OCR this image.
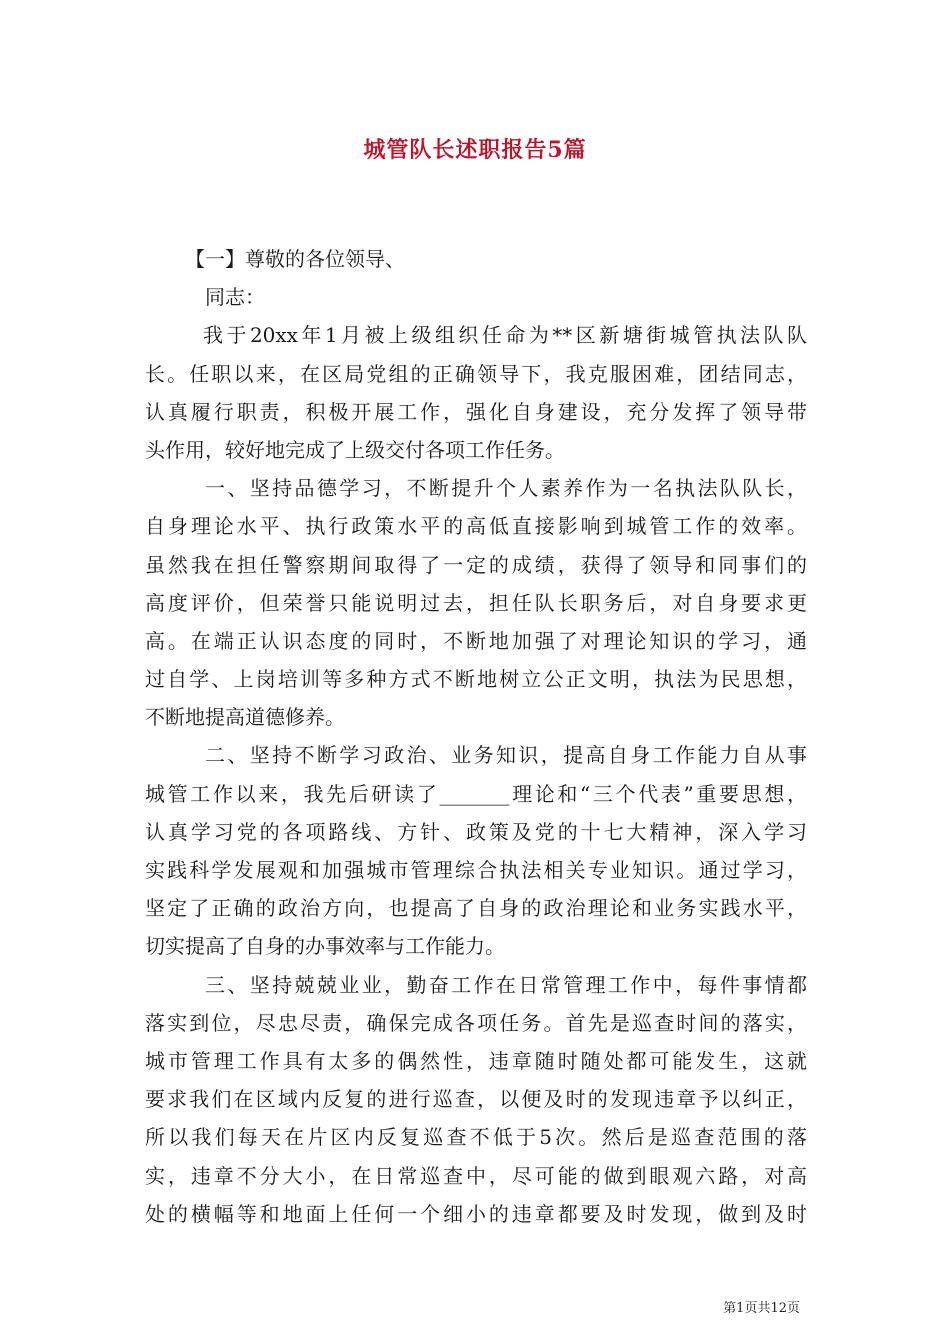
城管队长述职报告5篇
【一】尊敬的各位领导、
同志：

我于20xx年1月被上级组织任命为**区新塘街城管执法队队
长。任职以来，在区局党组的正确领导下，我克服困难，团结同志，
认真履行职责，积极开展工作，强化自身建设，充分发挥了领导带
头作用，较好地完成了上级交付各项工作任务。

一、坚持品德学习，不断提升个人素养作为一名执法队队长，
自身理论水平、执行政策水平的高低直接影响到城管工作的效率。
虽然我在担任警察期间取得了一定的成绩，获得了领导和同事们的
高度评价，但荣誉只能说明过去，担任队长职务后，对自身要求更
高。在端正认识态度的同时，不断地加强了对理论知识的学习，通
过自学、上岗培训等多种方式不断地树立公正文明，执法为民思想，
不断地提高道德修养。

二、坚持不断学习政治、业务知识，提高自身工作能力自从事
城管工作以来，我先后研读了_______理论和“三个代表”重要思想，
认真学习党的各项路线、方针、政策及党的十七大精神，深入学习
实践科学发展观和加强城市管理综合执法相关专业知识。通过学习，
坚定了正确的政治方向，也提高了自身的政治理论和业务实践水平，
切实提高了自身的办事效率与工作能力。

三、坚持兢兢业业，勤奋工作在日常管理工作中，每件事情都
落实到位，尽忠尽责，确保完成各项任务。首先是巡查时间的落实，
城市管理工作具有太多的偶然性，违章随时随处都可能发生，这就
要求我们在区域内反复的进行巡查，以便及时的发现违章予以纠正，
所以我们每天在片区内反复巡查不低于5次。然后是巡查范围的落
实，违章不分大小，在日常巡查中，尽可能的做到眼观六路，对高
处的横幅等和地面上任何一个细小的违章都要及时发现，做到及时

第1页共12页
